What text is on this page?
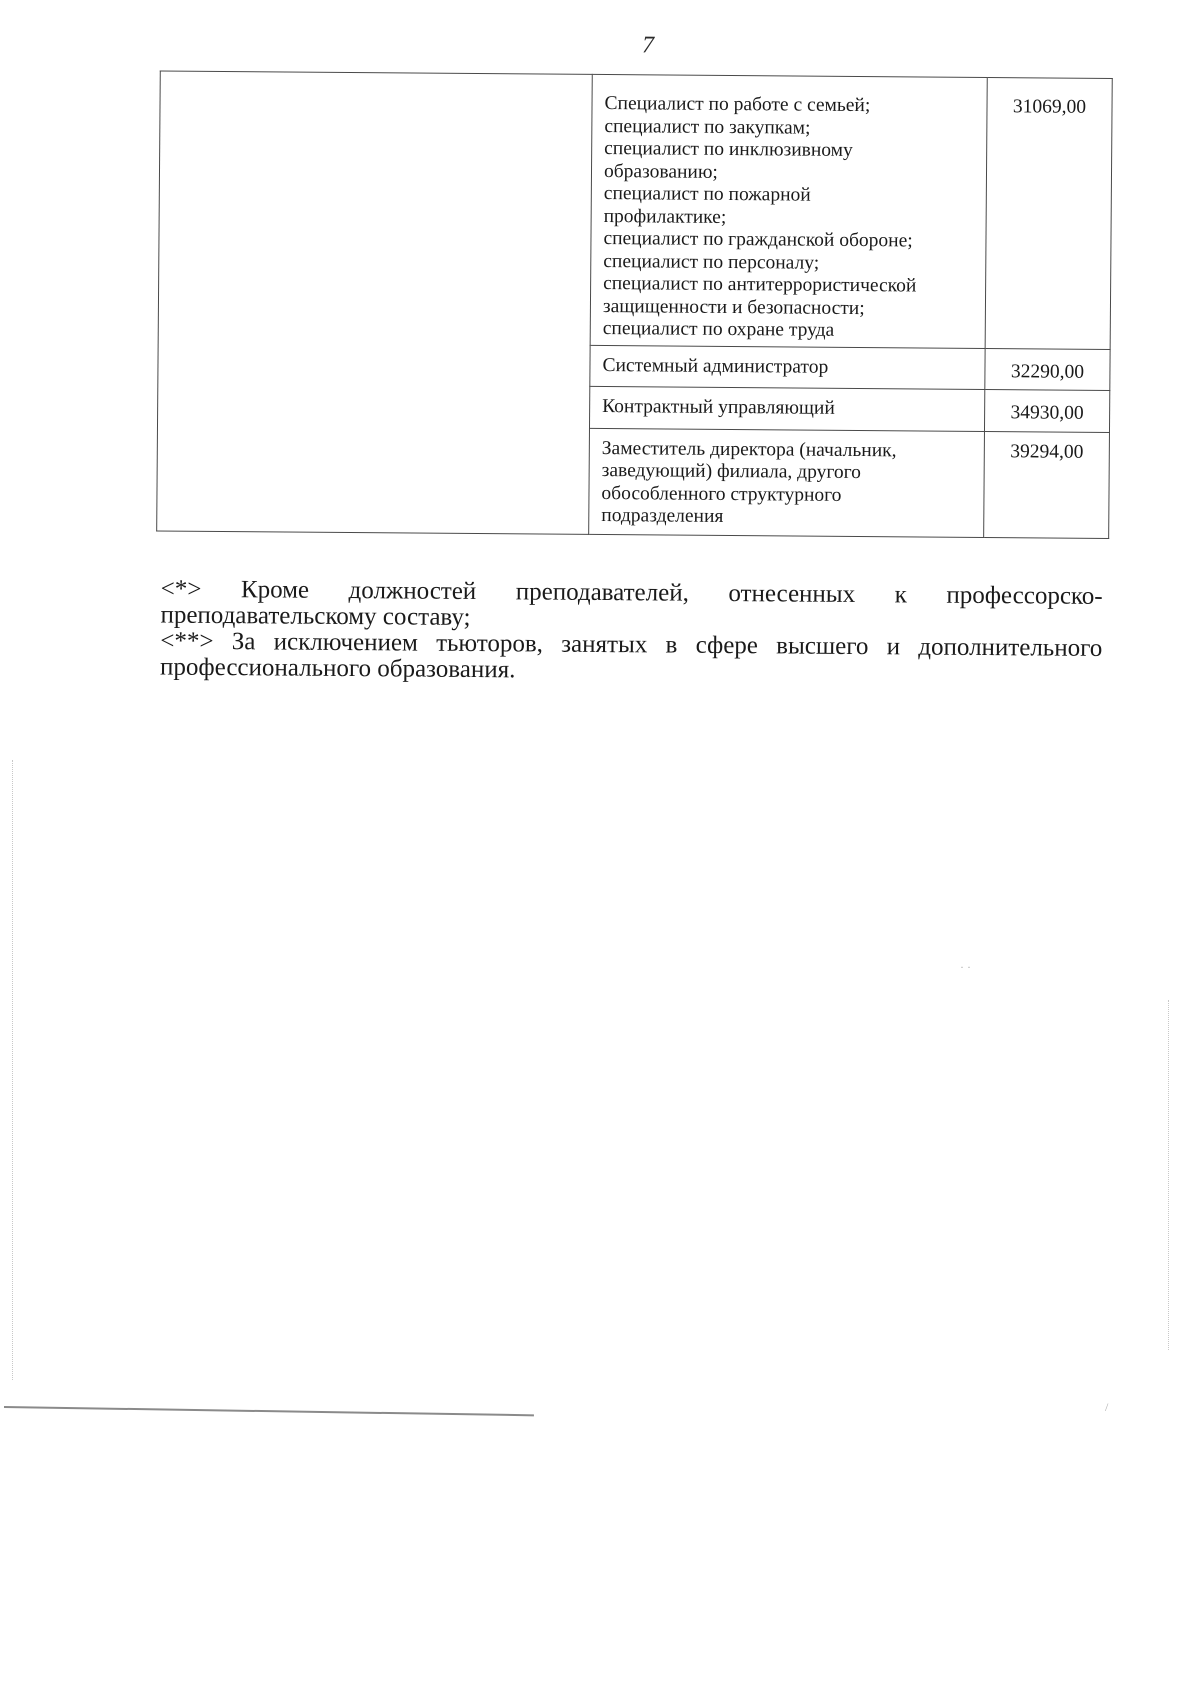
7

Специалист по работе с семьей;
специалист по закупкам;
специалист по инклюзивному
образованию;
специалист по пожарной
профилактике;
специалист по гражданской обороне;
специалист по персоналу;
специалист по антитеррористической
защищенности и безопасности;
специалист по охране труда
	31069,00

	Системный администратор	32290,00

	Контрактный управляющий	34930,00

	Заместитель директора (начальник,
заведующий) филиала, другого
обособленного структурного
подразделения	39294,00
<*> Кроме должностей преподавателей, отнесенных к профессорско-
преподавательскому составу;
<**> За исключением тьюторов, занятых в сфере высшего и дополнительного
профессионального образования.
· ·
/
